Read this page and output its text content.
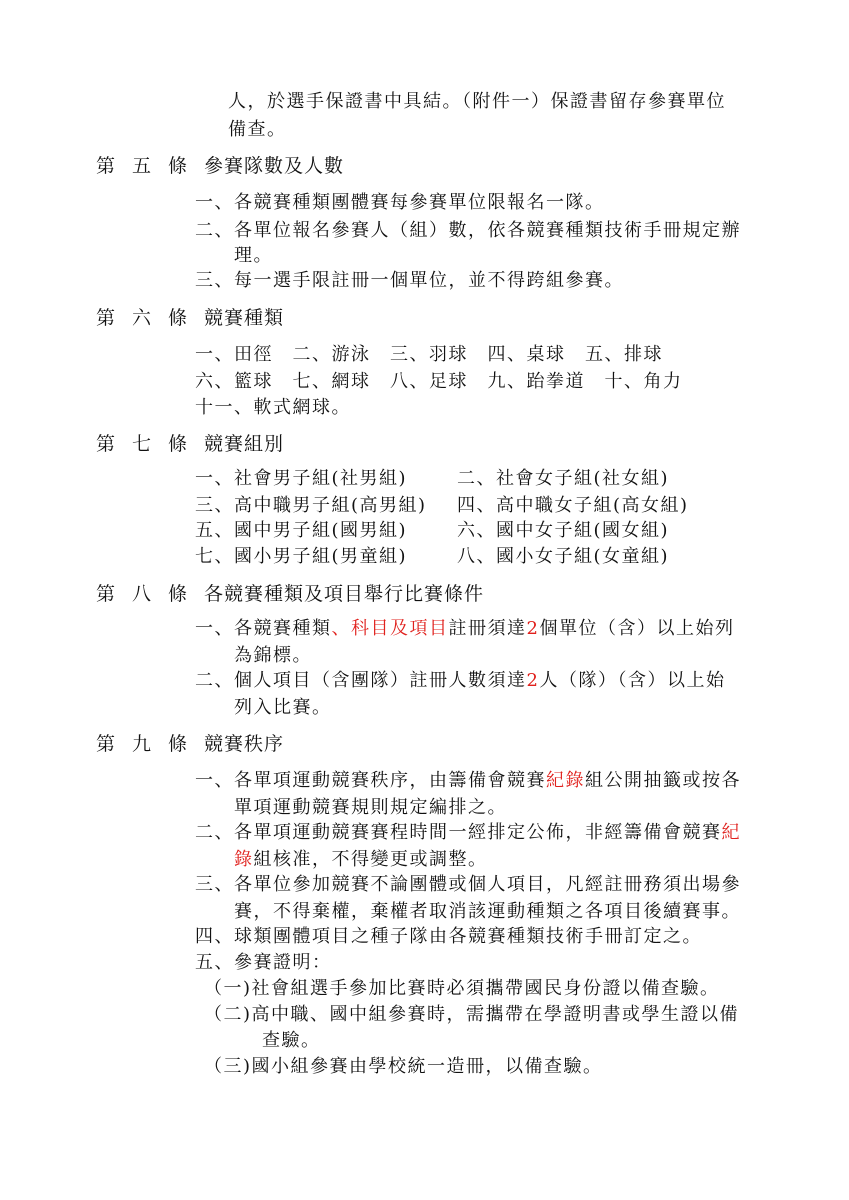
人，於選手保證書中具結。（附件一）保證書留存參賽單位
備查。
第 五 條 參賽隊數及人數
一、各競賽種類團體賽每參賽單位限報名一隊。
二、各單位報名參賽人（組）數，依各競賽種類技術手冊規定辦
理。
三、每一選手限註冊一個單位，並不得跨組參賽。
第 六 條 競賽種類
一、田徑　二、游泳　三、羽球　四、桌球　五、排球
六、籃球　七、網球　八、足球　九、跆拳道　十、角力
十一、軟式網球。
第 七 條 競賽組別
一、社會男子組(社男組)	二、社會女子組(社女組)
三、高中職男子組(高男組) 四、高中職女子組(高女組)
五、國中男子組(國男組)	六、國中女子組(國女組)
七、國小男子組(男童組)	八、國小女子組(女童組)
第 八 條 各競賽種類及項目舉行比賽條件
一、各競賽種類、科目及項目註冊須達2個單位（含）以上始列
為錦標。
二、個人項目（含團隊）註冊人數須達2人（隊）（含）以上始
列入比賽。
第 九 條 競賽秩序
一、各單項運動競賽秩序，由籌備會競賽紀錄組公開抽籤或按各
單項運動競賽規則規定編排之。
二、各單項運動競賽賽程時間一經排定公佈，非經籌備會競賽紀
錄組核准，不得變更或調整。
三、各單位參加競賽不論團體或個人項目，凡經註冊務須出場參
賽，不得棄權，棄權者取消該運動種類之各項目後續賽事。
四、球類團體項目之種子隊由各競賽種類技術手冊訂定之。
五、參賽證明：
（一)社會組選手參加比賽時必須攜帶國民身份證以備查驗。
（二)高中職、國中組參賽時，需攜帶在學證明書或學生證以備
查驗。
（三)國小組參賽由學校統一造冊，以備查驗。
